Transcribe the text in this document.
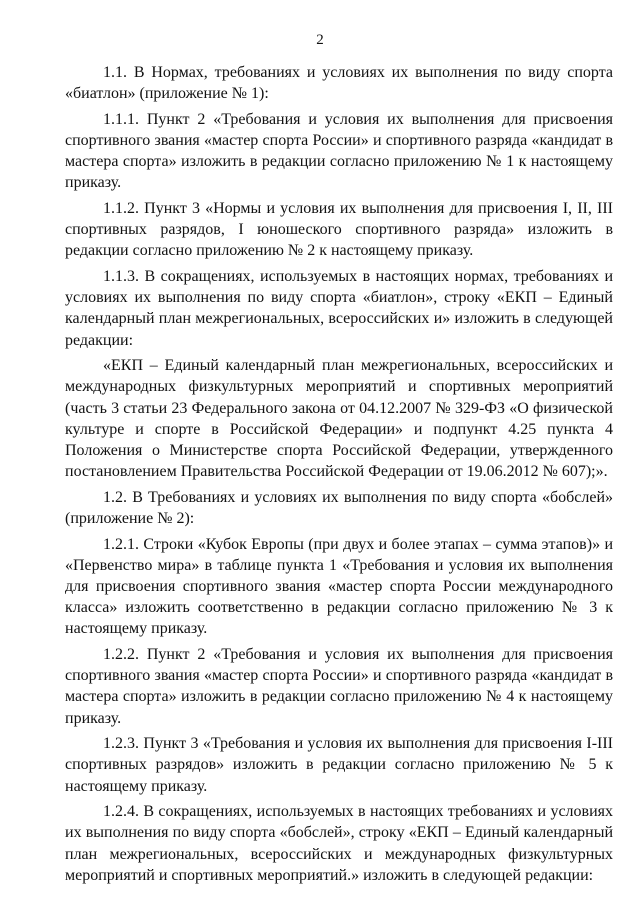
2

1.1. В Нормах, требованиях и условиях их выполнения по виду спорта «биатлон» (приложение № 1):

1.1.1. Пункт 2 «Требования и условия их выполнения для присвоения спортивного звания «мастер спорта России» и спортивного разряда «кандидат в мастера спорта» изложить в редакции согласно приложению № 1 к настоящему приказу.

1.1.2. Пункт 3 «Нормы и условия их выполнения для присвоения I, II, III спортивных разрядов, I юношеского спортивного разряда» изложить в редакции согласно приложению № 2 к настоящему приказу.

1.1.3. В сокращениях, используемых в настоящих нормах, требованиях и условиях их выполнения по виду спорта «биатлон», строку «ЕКП – Единый календарный план межрегиональных, всероссийских и» изложить в следующей редакции:

«ЕКП – Единый календарный план межрегиональных, всероссийских и международных физкультурных мероприятий и спортивных мероприятий (часть 3 статьи 23 Федерального закона от 04.12.2007 № 329-ФЗ «О физической культуре и спорте в Российской Федерации» и подпункт 4.25 пункта 4 Положения о Министерстве спорта Российской Федерации, утвержденного постановлением Правительства Российской Федерации от 19.06.2012 № 607);».

1.2. В Требованиях и условиях их выполнения по виду спорта «бобслей» (приложение № 2):

1.2.1. Строки «Кубок Европы (при двух и более этапах – сумма этапов)» и «Первенство мира» в таблице пункта 1 «Требования и условия их выполнения для присвоения спортивного звания «мастер спорта России международного класса» изложить соответственно в редакции согласно приложению № 3 к настоящему приказу.

1.2.2. Пункт 2 «Требования и условия их выполнения для присвоения спортивного звания «мастер спорта России» и спортивного разряда «кандидат в мастера спорта» изложить в редакции согласно приложению № 4 к настоящему приказу.

1.2.3. Пункт 3 «Требования и условия их выполнения для присвоения I-III спортивных разрядов» изложить в редакции согласно приложению № 5 к настоящему приказу.

1.2.4. В сокращениях, используемых в настоящих требованиях и условиях их выполнения по виду спорта «бобслей», строку «ЕКП – Единый календарный план межрегиональных, всероссийских и международных физкультурных мероприятий и спортивных мероприятий.» изложить в следующей редакции:
